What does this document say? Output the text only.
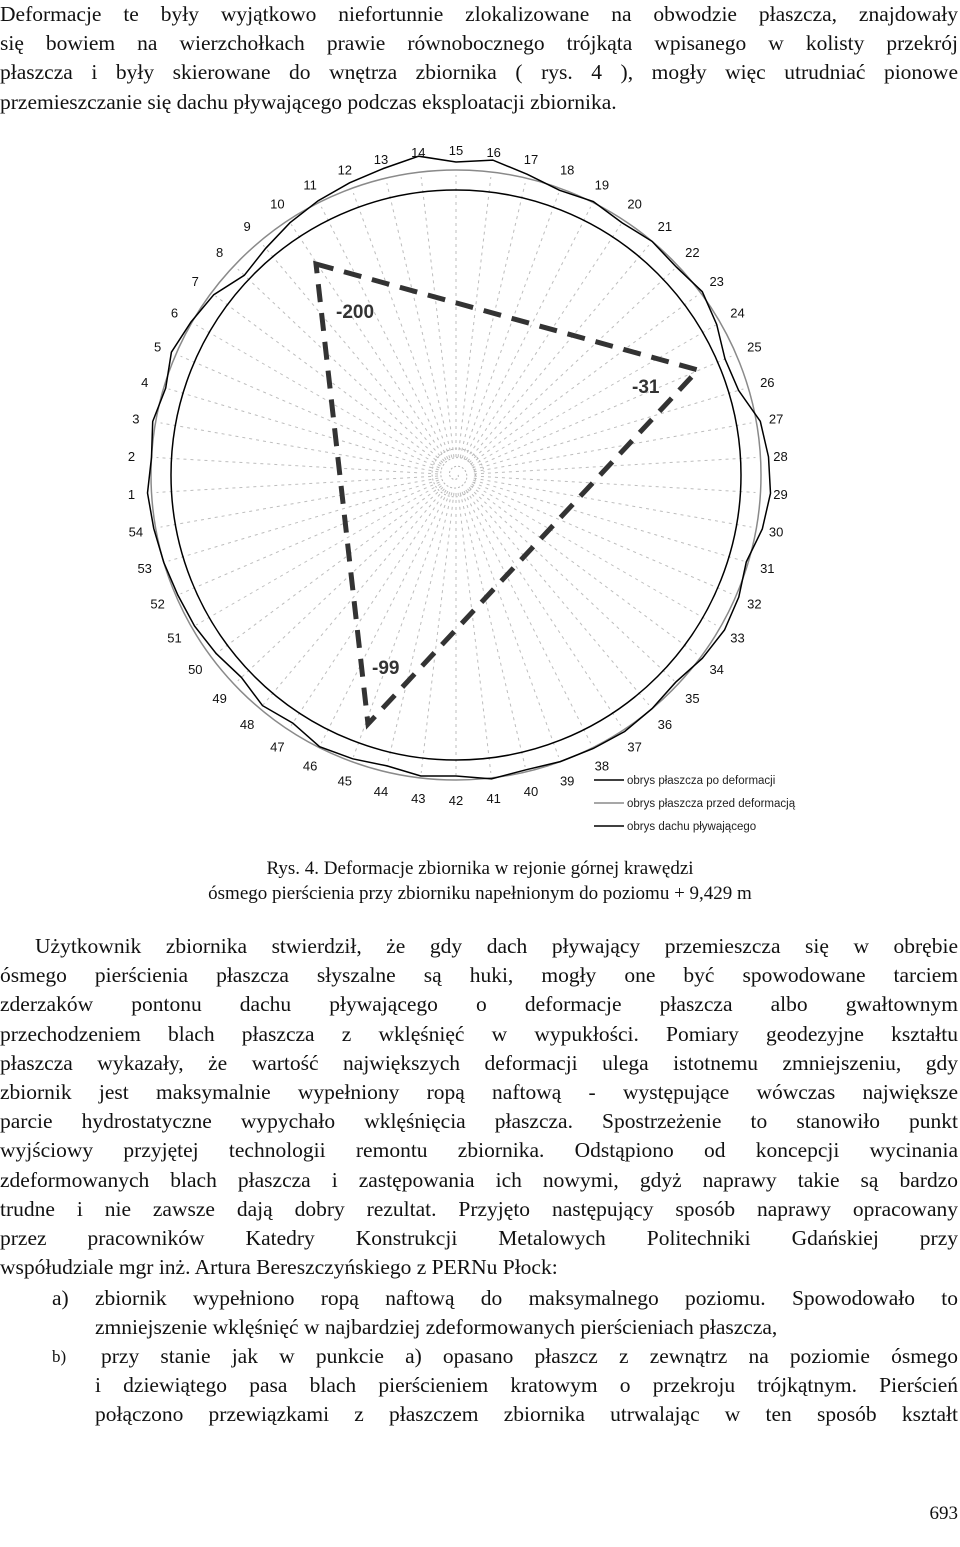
Deformacje te były wyjątkowo niefortunnie zlokalizowane na obwodzie płaszcza, znajdowały
się bowiem na wierzchołkach prawie równobocznego trójkąta wpisanego w kolisty przekrój
płaszcza i były skierowane do wnętrza zbiornika ( rys. 4 ), mogły więc utrudniać pionowe
przemieszczanie się dachu pływającego podczas eksploatacji zbiornika.
1
2
3
4
5
6
7
8
9
10
11
12
13 14 15 16 17
18
19
20
21
22
23
24
25
26
27
28
29
30
31
32
33
34
35
36
37
38
39
40
41
42
43
44
45
46
47
48
49
50
51
52
53
54
-200
-31
-99
obrys płaszcza po deformacji
obrys płaszcza przed deformacją
obrys dachu pływającego
Rys. 4. Deformacje zbiornika w rejonie górnej krawędzi
ósmego pierścienia przy zbiorniku napełnionym do poziomu + 9,429 m
Użytkownik zbiornika stwierdził, że gdy dach pływający przemieszcza się w obrębie
ósmego pierścienia płaszcza słyszalne są huki, mogły one być spowodowane tarciem
zderzaków pontonu dachu pływającego o deformacje płaszcza albo gwałtownym
przechodzeniem blach płaszcza z wklęśnięć w wypukłości. Pomiary geodezyjne kształtu
płaszcza wykazały, że wartość największych deformacji ulega istotnemu zmniejszeniu, gdy
zbiornik jest maksymalnie wypełniony ropą naftową - występujące wówczas największe
parcie hydrostatyczne wypychało wklęśnięcia płaszcza. Spostrzeżenie to stanowiło punkt
wyjściowy przyjętej technologii remontu zbiornika. Odstąpiono od koncepcji wycinania
zdeformowanych blach płaszcza i zastępowania ich nowymi, gdyż naprawy takie są bardzo
trudne i nie zawsze dają dobry rezultat. Przyjęto następujący sposób naprawy opracowany
przez pracowników Katedry Konstrukcji Metalowych Politechniki Gdańskiej przy
współudziale mgr inż. Artura Bereszczyńskiego z PERNu Płock:
a) zbiornik wypełniono ropą naftową do maksymalnego poziomu. Spowodowało to
zmniejszenie wklęśnięć w najbardziej zdeformowanych pierścieniach płaszcza,
b) przy stanie jak w punkcie a) opasano płaszcz z zewnątrz na poziomie ósmego
i dziewiątego pasa blach pierścieniem kratowym o przekroju trójkątnym. Pierścień
połączono przewiązkami z płaszczem zbiornika utrwalając w ten sposób kształt
693
